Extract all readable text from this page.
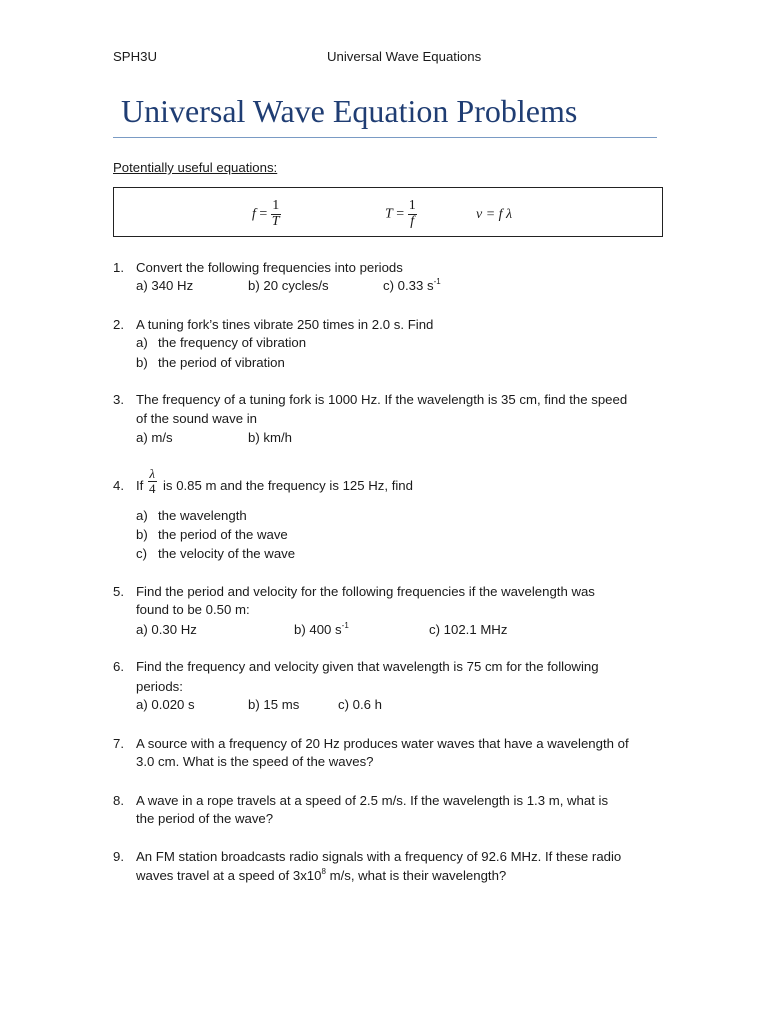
SPH3U	Universal Wave Equations
Universal Wave Equation Problems
Potentially useful equations:
$f = \frac{1}{T}$	$T = \frac{1}{f}$	v = f λ
1. Convert the following frequencies into periods
a) 340 Hz	b) 20 cycles/s	c) 0.33 $s^{-1}$
2. A tuning fork’s tines vibrate 250 times in 2.0 s. Find
a) the frequency of vibration
b) the period of vibration
3. The frequency of a tuning fork is 1000 Hz. If the wavelength is 35 cm, find the speed
of the sound wave in
a) m/s	b) km/h
4. If $\frac{\lambda}{4}$ is 0.85 m and the frequency is 125 Hz, find
a) the wavelength
b) the period of the wave
c) the velocity of the wave
5. Find the period and velocity for the following frequencies if the wavelength was
found to be 0.50 m:
a) 0.30 Hz	b) 400 $s^{-1}$	c) 102.1 MHz
6. Find the frequency and velocity given that wavelength is 75 cm for the following
periods:
a) 0.020 s	b) 15 ms	c) 0.6 h
7. A source with a frequency of 20 Hz produces water waves that have a wavelength of
3.0 cm. What is the speed of the waves?
8. A wave in a rope travels at a speed of 2.5 m/s. If the wavelength is 1.3 m, what is
the period of the wave?
9. An FM station broadcasts radio signals with a frequency of 92.6 MHz. If these radio
waves travel at a speed of $3x10^8$ m/s, what is their wavelength?
